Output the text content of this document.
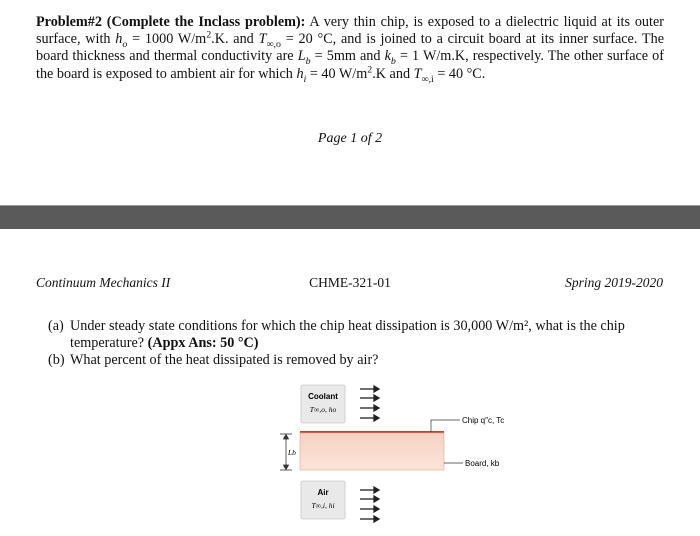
Problem#2 (Complete the Inclass problem): A very thin chip, is exposed to a dielectric liquid at its outer surface, with $h_o = 1000$ $W/m^2.K$. and $T_{\infty,o} = 20$ °C, and is joined to a circuit board at its inner surface. The board thickness and thermal conductivity are $L_b = 5mm$ and $k_b = 1$ W/m.K, respectively. The other surface of the board is exposed to ambient air for which $h_i = 40$ $W/m^2.K$ and $T_{\infty,i} = 40$ °C.
Page 1 of 2
Continuum Mechanics II	CHME-321-01	Spring 2019-2020
(a) Under steady state conditions for which the chip heat dissipation is 30,000 W/m², what is the chip temperature? (Appx Ans: 50 °C)
(b) What percent of the heat dissipated is removed by air?
Coolant
T∞,o, ho
Chip q″c, Tc
Board, kb
Lb
Air
T∞,i, hi
